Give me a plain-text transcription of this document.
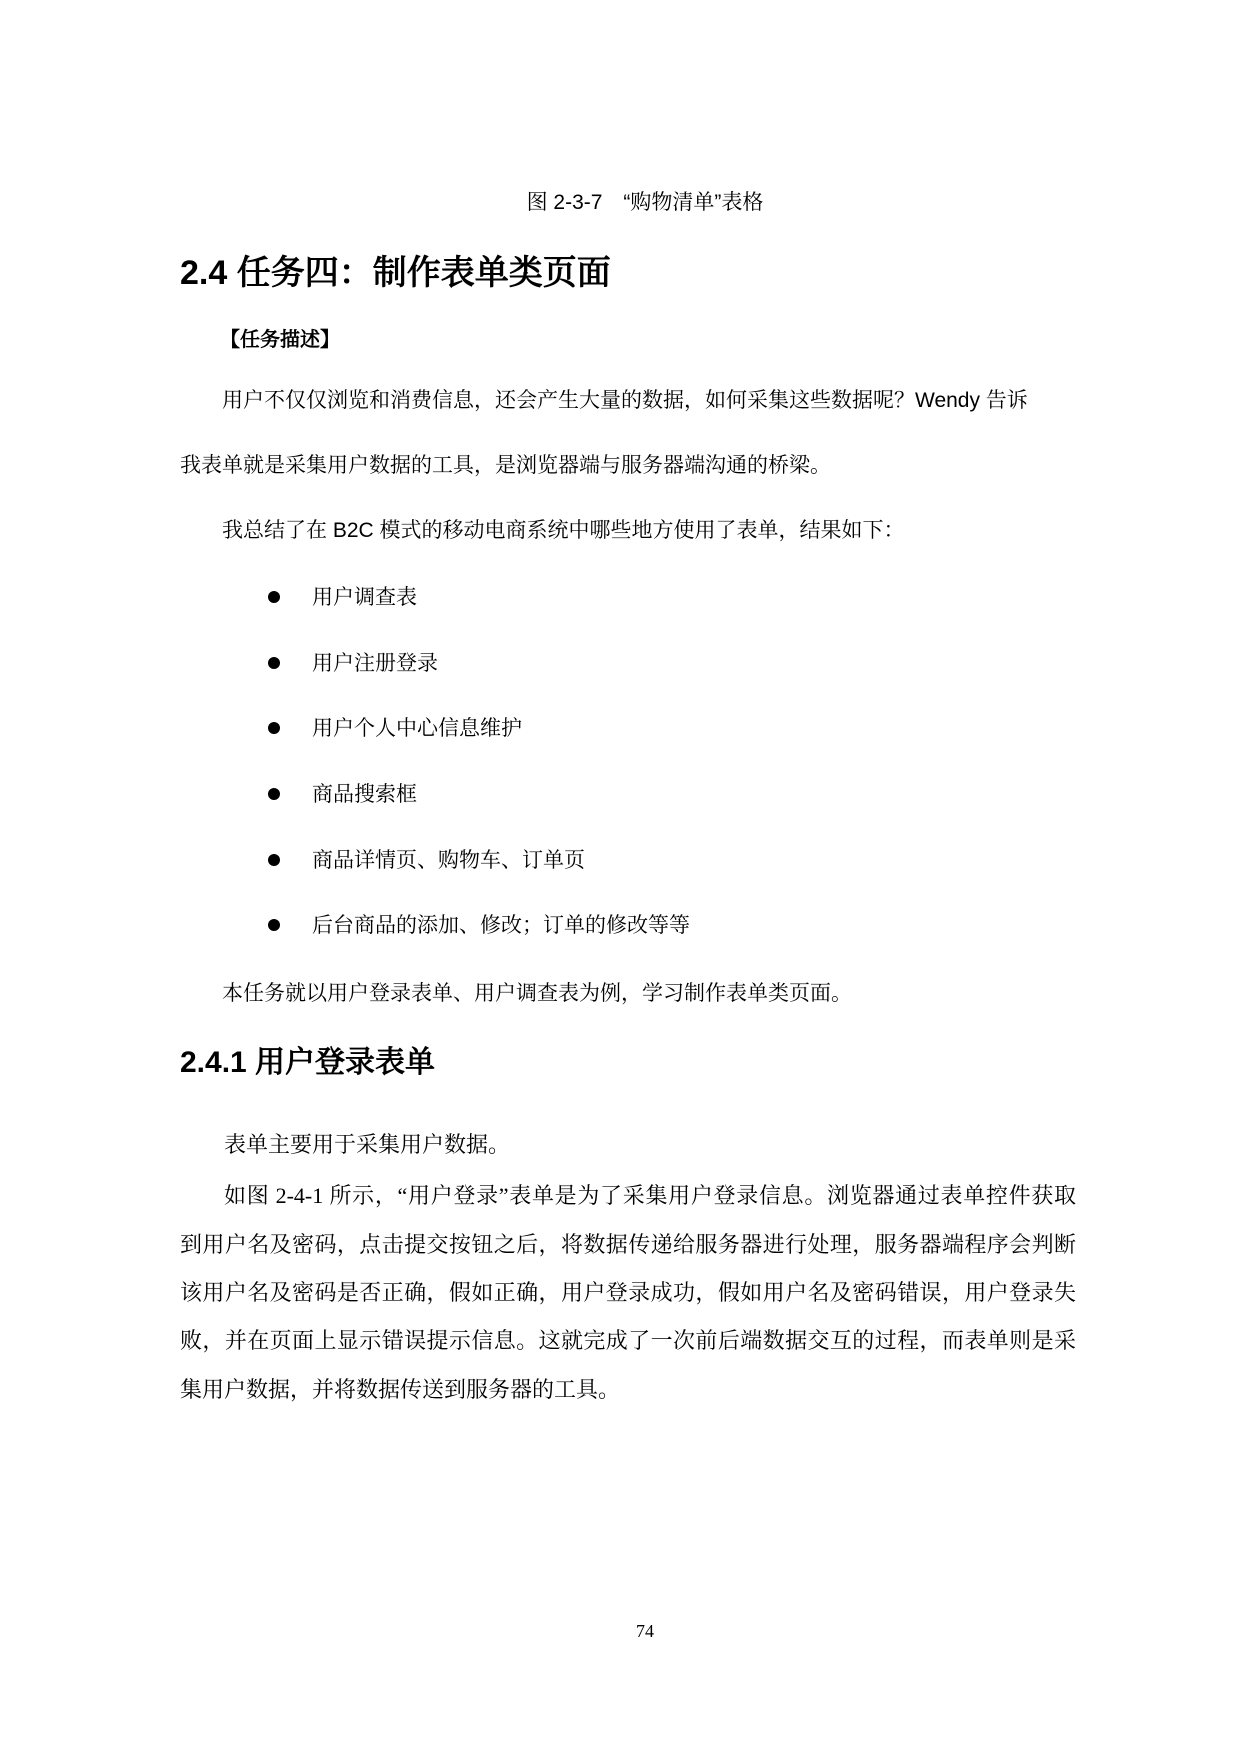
图 2-3-7　“购物清单”表格
2.4 任务四：制作表单类页面
【任务描述】
用户不仅仅浏览和消费信息，还会产生大量的数据，如何采集这些数据呢？Wendy 告诉
我表单就是采集用户数据的工具，是浏览器端与服务器端沟通的桥梁。
我总结了在 B2C 模式的移动电商系统中哪些地方使用了表单，结果如下：
用户调查表
用户注册登录
用户个人中心信息维护
商品搜索框
商品详情页、购物车、订单页
后台商品的添加、修改；订单的修改等等
本任务就以用户登录表单、用户调查表为例，学习制作表单类页面。
2.4.1 用户登录表单
表单主要用于采集用户数据。
如图 2-4-1 所示，“用户登录”表单是为了采集用户登录信息。浏览器通过表单控件获取
到用户名及密码，点击提交按钮之后，将数据传递给服务器进行处理，服务器端程序会判断
该用户名及密码是否正确，假如正确，用户登录成功，假如用户名及密码错误，用户登录失
败，并在页面上显示错误提示信息。这就完成了一次前后端数据交互的过程，而表单则是采
集用户数据，并将数据传送到服务器的工具。
74
